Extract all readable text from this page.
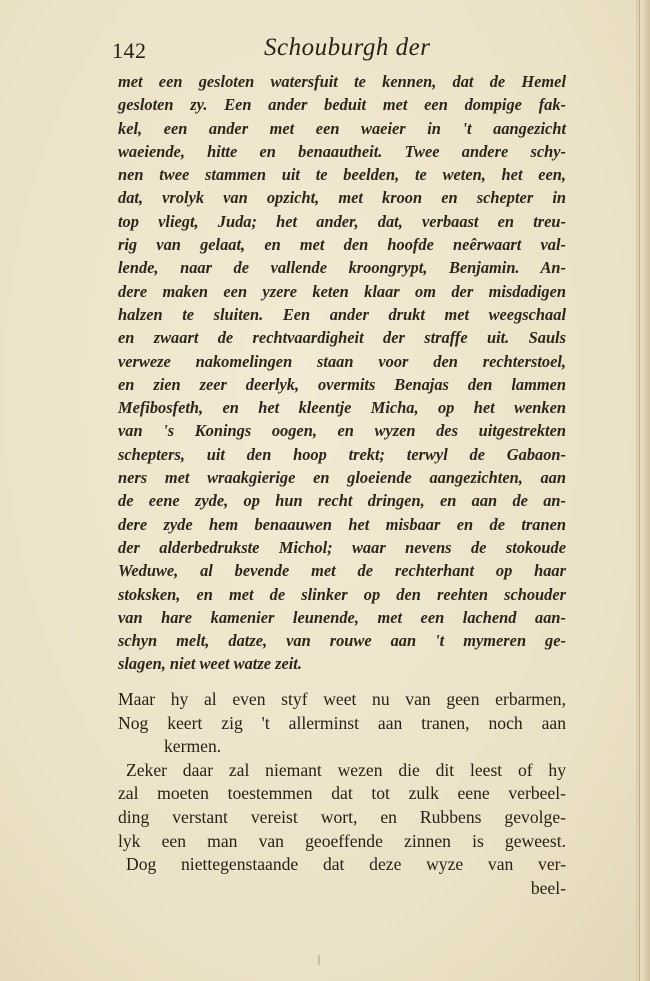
142	Schouburgh der
met een gesloten watersfuit te kennen, dat de Hemel
gesloten zy. Een ander beduit met een dompige fak-
kel, een ander met een waeier in 't aangezicht
waeiende, hitte en benaautheit. Twee andere schy-
nen twee stammen uit te beelden, te weten, het een,
dat, vrolyk van opzicht, met kroon en schepter in
top vliegt, Juda; het ander, dat, verbaast en treu-
rig van gelaat, en met den hoofde neêrwaart val-
lende, naar de vallende kroongrypt, Benjamin. An-
dere maken een yzere keten klaar om der misdadigen
halzen te sluiten. Een ander drukt met weegschaal
en zwaart de rechtvaardigheit der straffe uit. Sauls
verweze nakomelingen staan voor den rechterstoel,
en zien zeer deerlyk, overmits Benajas den lammen
Mefibosfeth, en het kleentje Micha, op het wenken
van 's Konings oogen, en wyzen des uitgestrekten
schepters, uit den hoop trekt; terwyl de Gabaon-
ners met wraakgierige en gloeiende aangezichten, aan
de eene zyde, op hun recht dringen, en aan de an-
dere zyde hem benaauwen het misbaar en de tranen
der alderbedrukste Michol; waar nevens de stokoude
Weduwe, al bevende met de rechterhant op haar
stoksken, en met de slinker op den reehten schouder
van hare kamenier leunende, met een lachend aan-
schyn melt, datze, van rouwe aan 't mymeren ge-
slagen, niet weet watze zeit.
Maar hy al even styf weet nu van geen erbarmen,
Nog keert zig 't allerminst aan tranen, noch aan
kermen.
Zeker daar zal niemant wezen die dit leest of hy
zal moeten toestemmen dat tot zulk eene verbeel-
ding verstant vereist wort, en Rubbens gevolge-
lyk een man van geoeffende zinnen is geweest.
Dog niettegenstaande dat deze wyze van ver-
beel-
